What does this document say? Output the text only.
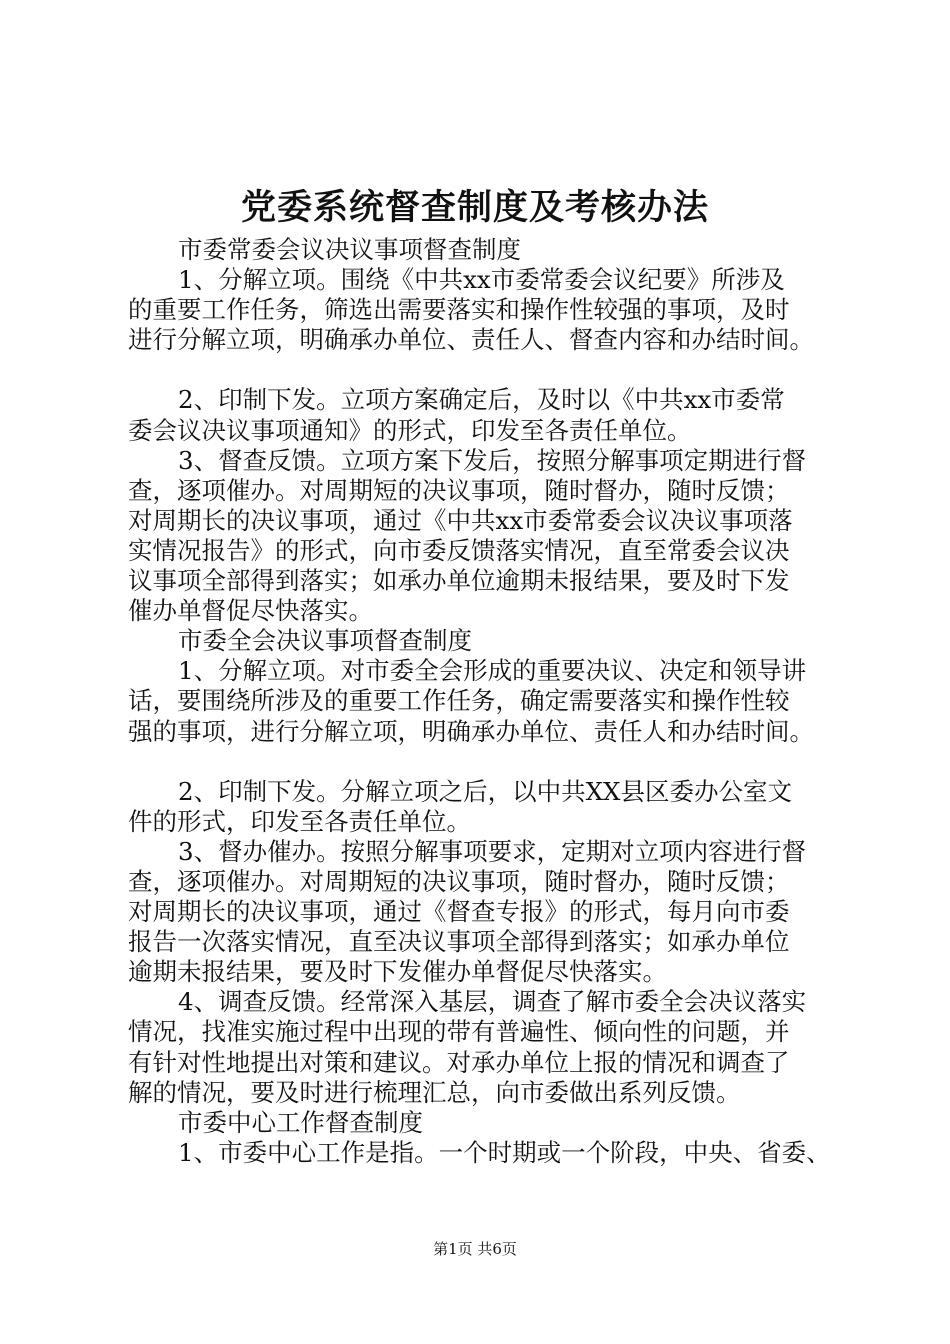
党委系统督查制度及考核办法
市委常委会议决议事项督查制度
1、分解立项。围绕《中共xx市委常委会议纪要》所涉及
的重要工作任务，筛选出需要落实和操作性较强的事项，及时
进行分解立项，明确承办单位、责任人、督查内容和办结时间。
2、印制下发。立项方案确定后，及时以《中共xx市委常
委会议决议事项通知》的形式，印发至各责任单位。
3、督查反馈。立项方案下发后，按照分解事项定期进行督
查，逐项催办。对周期短的决议事项，随时督办，随时反馈；
对周期长的决议事项，通过《中共xx市委常委会议决议事项落
实情况报告》的形式，向市委反馈落实情况，直至常委会议决
议事项全部得到落实；如承办单位逾期未报结果，要及时下发
催办单督促尽快落实。
市委全会决议事项督查制度
1、分解立项。对市委全会形成的重要决议、决定和领导讲
话，要围绕所涉及的重要工作任务，确定需要落实和操作性较
强的事项，进行分解立项，明确承办单位、责任人和办结时间。
2、印制下发。分解立项之后，以中共XX县区委办公室文
件的形式，印发至各责任单位。
3、督办催办。按照分解事项要求，定期对立项内容进行督
查，逐项催办。对周期短的决议事项，随时督办，随时反馈；
对周期长的决议事项，通过《督查专报》的形式，每月向市委
报告一次落实情况，直至决议事项全部得到落实；如承办单位
逾期未报结果，要及时下发催办单督促尽快落实。
4、调查反馈。经常深入基层，调查了解市委全会决议落实
情况，找准实施过程中出现的带有普遍性、倾向性的问题，并
有针对性地提出对策和建议。对承办单位上报的情况和调查了
解的情况，要及时进行梳理汇总，向市委做出系列反馈。
市委中心工作督查制度
1、市委中心工作是指。一个时期或一个阶段，中央、省委、
第1页 共6页
